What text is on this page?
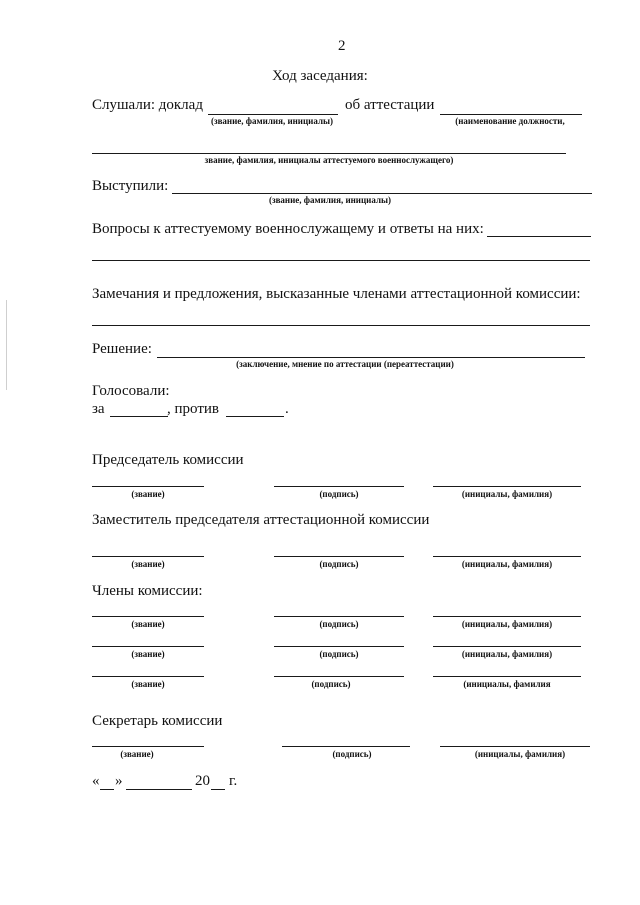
2
Ход заседания:
Слушали: доклад	об аттестации
(звание, фамилия, инициалы)	(наименование должности,
звание, фамилия, инициалы аттестуемого военнослужащего)
Выступили:
(звание, фамилия, инициалы)
Вопросы к аттестуемому военнослужащему и ответы на них:
Замечания и предложения, высказанные членами аттестационной комиссии:
Решение:
(заключение, мнение по аттестации (переаттестации)
Голосовали:
за	, против	.
Председатель комиссии
(звание)	(подпись)	(инициалы, фамилия)
Заместитель председателя аттестационной комиссии
(звание)	(подпись)	(инициалы, фамилия)
Члены комиссии:
(звание)	(подпись)	(инициалы, фамилия)
(звание)	(подпись)	(инициалы, фамилия)
(звание)	(подпись)	(инициалы, фамилия
Секретарь комиссии
(звание)	(подпись)	(инициалы, фамилия)
« »	20 г.
